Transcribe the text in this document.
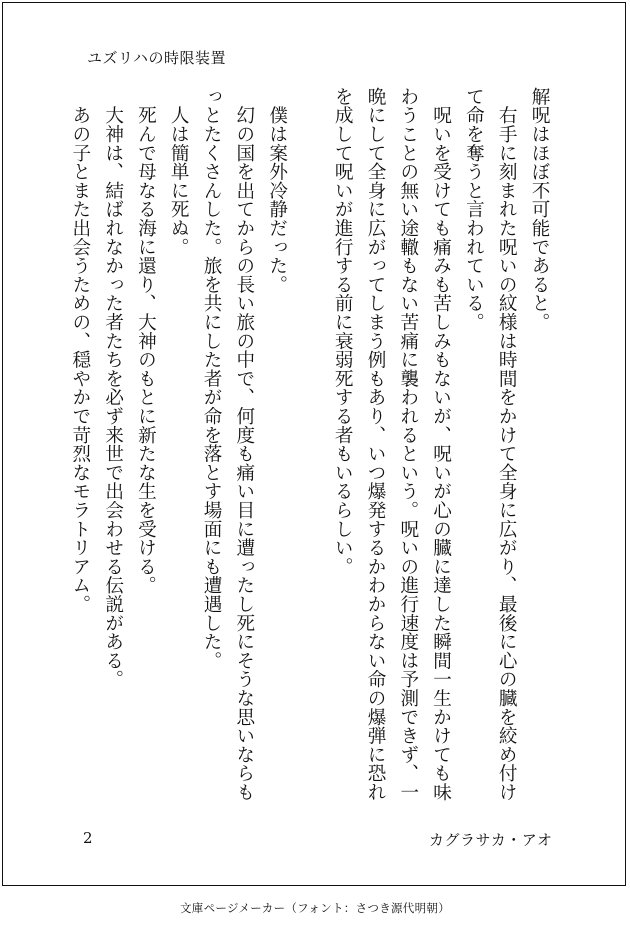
ユズリハの時限装置

解呪はほぼ不可能であると。

　右手に刻まれた呪いの紋様は時間をかけて全身に広がり、最後に心の臓を絞め付けて命を奪うと言われている。

　呪いを受けても痛みも苦しみもないが、呪いが心の臓に達した瞬間一生かけても味わうことの無い途轍もない苦痛に襲われるという。呪いの進行速度は予測できず、一晩にして全身に広がってしまう例もあり、いつ爆発するかわからない命の爆弾に恐れを成して呪いが進行する前に衰弱死する者もいるらしい。

　僕は案外冷静だった。

　幻の国を出てからの長い旅の中で、何度も痛い目に遭ったし死にそうな思いならもっとたくさんした。旅を共にした者が命を落とす場面にも遭遇した。

　人は簡単に死ぬ。

　死んで母なる海に還り、大神のもとに新たな生を受ける。

　大神は、結ばれなかった者たちを必ず来世で出会わせる伝説がある。

　あの子とまた出会うための、穏やかで苛烈なモラトリアム。

2	カグラサカ・アオ
文庫ページメーカー（フォント：さつき源代明朝）
